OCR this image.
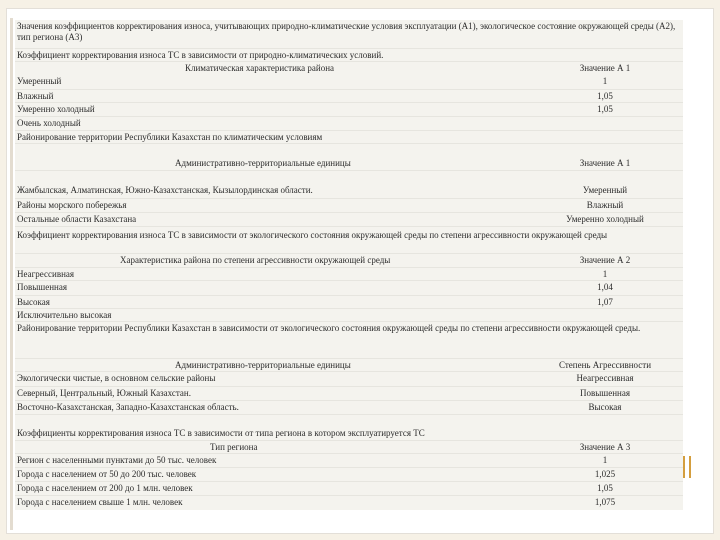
Значения коэффициентов корректирования износа, учитывающих природно-климатические условия эксплуатации (А1), экологическое состояние окружающей среды (А2), тип региона (А3)
Коэффициент корректирования износа ТС в зависимости от природно-климатических условий.
Климатическая характеристика района	Значение А 1
Умеренный	1
Влажный	1,05
Умеренно холодный	1,05
Очень холодный
Районирование территории Республики Казахстан по климатическим условиям
Административно-территориальные единицы	Значение А 1
Жамбылская, Алматинская, Южно-Казахстанская, Кызылординская области.	Умеренный
Районы морского побережья	Влажный
Остальные области Казахстана	Умеренно холодный
Коэффициент корректирования износа ТС в зависимости от экологического состояния окружающей среды по степени агрессивности окружающей среды
Характеристика района по степени агрессивности окружающей среды	Значение А 2
Неагрессивная	1
Повышенная	1,04
Высокая	1,07
Исключительно высокая
Районирование территории Республики Казахстан в зависимости от экологического состояния окружающей среды по степени агрессивности окружающей среды.
Административно-территориальные единицы	Степень Агрессивности
Экологически чистые, в основном сельские районы	Неагрессивная
Северный, Центральный, Южный Казахстан.	Повышенная
Восточно-Казахстанская, Западно-Казахстанская область.	Высокая
Коэффициенты корректирования износа ТС в зависимости от типа региона в котором эксплуатируется ТС
Тип региона	Значение А 3
Регион с населенными пунктами до 50 тыс. человек	1
Города с населением от 50 до 200 тыс. человек	1,025
Города с населением от 200 до 1 млн. человек	1,05
Города с населением свыше 1 млн. человек	1,075
